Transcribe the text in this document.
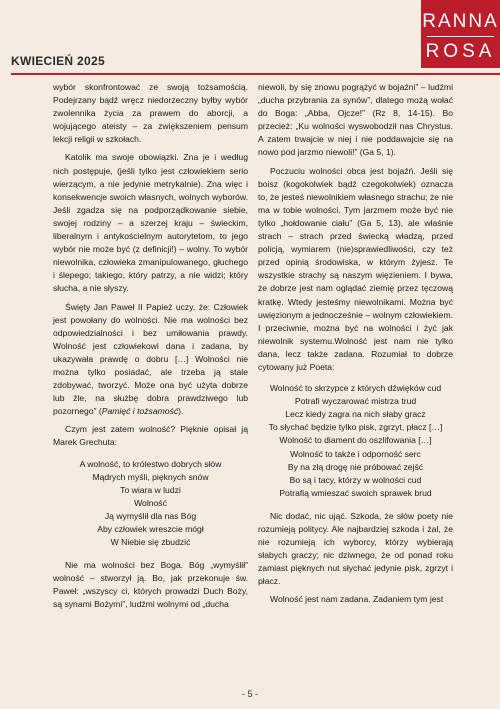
RANNA
ROSA
KWIECIEŃ 2025

wybór skonfrontować ze swoją tożsamością. Podejrzany bądź wręcz niedorzeczny byłby wybór zwolennika życia za prawem do aborcji, a wojującego ateisty – za zwiększeniem pensum lekcji religii w szkołach.

Katolik ma swoje obowiązki. Zna je i według nich postępuje, (jeśli tylko jest człowiekiem serio wierzącym, a nie jedynie metrykalnie). Zna więc i konsekwencje swoich własnych, wolnych wyborów. Jeśli zgadza się na podporządkowanie siebie, swojej rodziny – a szerzej kraju – świeckim, liberalnym i antykościelnym autorytetom, to jego wybór nie może być (z definicji!) – wolny. To wybór niewolnika, człowieka zmanipulowanego, głuchego i ślepego; takiego, który patrzy, a nie widzi; który słucha, a nie słyszy.

Święty Jan Paweł II Papież uczy, że: Człowiek jest powołany do wolności. Nie ma wolności bez odpowiedzialności i bez umiłowania prawdy. Wolność jest człowiekowi dana i zadana, by ukazywała prawdę o dobru […] Wolności nie można tylko posiadać, ale trzeba ją stale zdobywać, tworzyć. Może ona być użyta dobrze lub źle, na służbę dobra prawdziwego lub pozornego” (Pamięć i tożsamość).

Czym jest zatem wolność? Pięknie opisał ją Marek Grechuta:

A wolność, to królestwo dobrych słów
Mądrych myśli, pięknych snów
To wiara w ludzi
Wolność
Ją wymyślił dla nas Bóg
Aby człowiek wreszcie mógł
W Niebie się zbudzić

Nie ma wolności bez Boga. Bóg „wymyślił” wolność – stworzył ją. Bo, jak przekonuje św. Paweł: „wszyscy ci, których prowadzi Duch Boży, są synami Bożymi”, ludźmi wolnymi od „ducha

niewoli, by się znowu pogrążyć w bojaźni” – ludźmi „ducha przybrania za synów”, dlatego możą wołać do Boga: „Abba, Ojcze!” (Rz 8, 14-15). Bo przecież: „Ku wolności wyswobodził nas Chrystus. A zatem trwajcie w niej i nie poddawajcie się na nowo pod jarzmo niewoli!” (Ga 5, 1).

Poczuciu wolności obca jest bojaźń. Jeśli się boisz (kogokolwiek bądź czegokolwiek) oznacza to, że jesteś niewolnikiem własnego strachu; że nie ma w tobie wolności. Tym jarzmem może być nie tylko „hołdowanie ciału” (Ga 5, 13), ale właśnie strach – strach przed świecką władzą, przed policją, wymiarem (nie)sprawiedliwości, czy też przed opinią środowiska, w którym żyjesz. Te wszystkie strachy są naszym więzieniem. I bywa, że dobrze jest nam oglądać ziemię przez tęczową kratkę. Wtedy jesteśmy niewolnikami. Można być uwięzionym a jednocześnie – wolnym człowiekiem. I przeciwnie, można być na wolności i żyć jak niewolnik systemu.Wolność jest nam nie tylko dana, lecz także zadana. Rozumiał to dobrze cytowany już Poeta:

Wolność to skrzypce z których dźwięków cud
Potrafi wyczarować mistrza trud
Lecz kiedy zagra na nich słaby gracz
To słychać będzie tylko pisk, zgrzyt, płacz […]
Wolność to diament do oszlifowania […]
Wolność to także i odporność serc
By na złą drogę nie próbować zejść
Bo są i tacy, którzy w wolności cud
Potrafią wmieszać swoich sprawek brud

Nic dodać, nic ująć. Szkoda, że słów poety nie rozumieją politycy. Ale najbardziej szkoda i żal, że nie rozumieją ich wyborcy, którzy wybierają słabych graczy; nic dziwnego, że od ponad roku zamiast pięknych nut słychać jedynie pisk, zgrzyt i płacz.

Wolność jest nam zadana. Zadaniem tym jest

- 5 -
